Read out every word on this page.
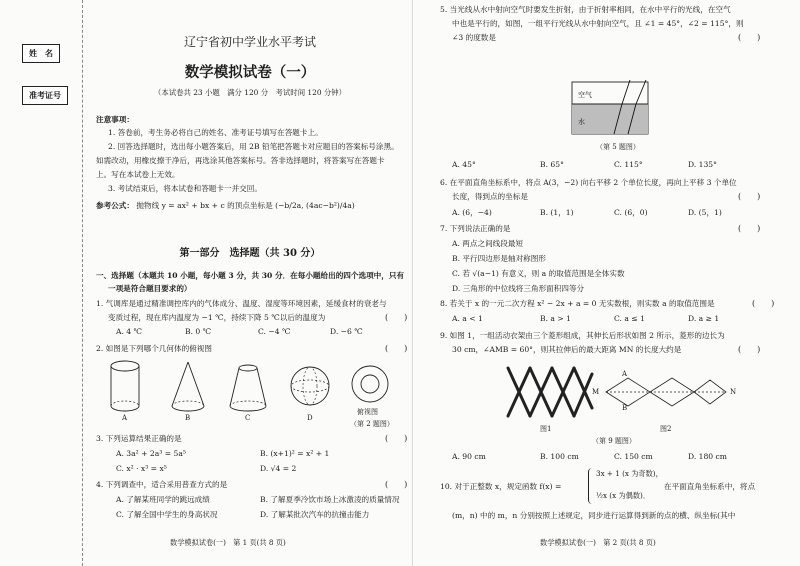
姓　名
准考证号
辽宁省初中学业水平考试
数学模拟试卷（一）
（本试卷共 23 小题　满分 120 分　考试时间 120 分钟）
注意事项：
1. 答卷前，考生务必将自己的姓名、准考证号填写在答题卡上。
2. 回答选择题时，选出每小题答案后，用 2B 铅笔把答题卡对应题目的答案标号涂黑。
如需改动，用橡皮擦干净后，再选涂其他答案标号。答非选择题时，将答案写在答题卡
上。写在本试卷上无效。
3. 考试结束后，将本试卷和答题卡一并交回。
参考公式： 抛物线 y = ax² + bx + c 的顶点坐标是 (−b/2a, (4ac−b²)/4a)
第一部分　选择题（共 30 分）
一、选择题（本题共 10 小题，每小题 3 分，共 30 分．在每小题给出的四个选项中，只有
一项是符合题目要求的）
1. 气调库是通过精准调控库内的气体成分、温度、湿度等环境因素，延缓食材的衰老与
变质过程，现在库内温度为 −1 ℃，持续下降 5 ℃以后的温度为	(　　)
A. 4 ℃	B. 0 ℃	C. −4 ℃	D. −6 ℃
2. 如图是下列哪个几何体的俯视图	(　　)
A	B	C	D
俯视图
（第 2 题图）
3. 下列运算结果正确的是	(　　)
A. 3a² + 2a³ = 5a⁵	B. (x+1)² = x² + 1
C. x² · x³ = x⁵	D. √4 = 2
4. 下列调查中，适合采用普查方式的是	(　　)
A. 了解某班同学的跳远成绩	B. 了解夏季冷饮市场上冰激凌的质量情况
C. 了解全国中学生的身高状况	D. 了解某批次汽车的抗撞击能力
数学模拟试卷(一)　第 1 页(共 8 页)
5. 当光线从水中射向空气时要发生折射，由于折射率相同，在水中平行的光线，在空气
中也是平行的，如图，一组平行光线从水中射向空气，且 ∠1 = 45°，∠2 = 115°，则
∠3 的度数是	(　　)
空气
水
（第 5 题图）
A. 45°	B. 65°	C. 115°	D. 135°
6. 在平面直角坐标系中，将点 A(3，−2) 向右平移 2 个单位长度，再向上平移 3 个单位
长度，得到点的坐标是	(　　)
A. (6，−4)	B. (1，1)	C. (6，0)	D. (5，1)
7. 下列说法正确的是	(　　)
A. 两点之间线段最短
B. 平行四边形是轴对称图形
C. 若 √(a−1) 有意义，则 a 的取值范围是全体实数
D. 三角形的中位线将三角形面积四等分
8. 若关于 x 的一元二次方程 x² − 2x + a = 0 无实数根，则实数 a 的取值范围是	(　　)
A. a < 1	B. a > 1	C. a ≤ 1	D. a ≥ 1
9. 如图 1，一组活动衣架由三个菱形组成，其伸长后形状如图 2 所示，菱形的边长为
30 cm，∠AMB = 60°，则其拉伸后的最大距离 MN 的长度大约是	(　　)
图1
M	N
A
B
图2
（第 9 题图）
A. 90 cm	B. 100 cm	C. 150 cm	D. 180 cm
10. 对于正整数 x，规定函数 f(x) =
3x + 1 (x 为奇数)，
½x (x 为偶数)．
在平面直角坐标系中，将点
(m，n) 中的 m，n 分别按照上述规定，同步进行运算得到新的点的横、纵坐标(其中
数学模拟试卷(一)　第 2 页(共 8 页)
